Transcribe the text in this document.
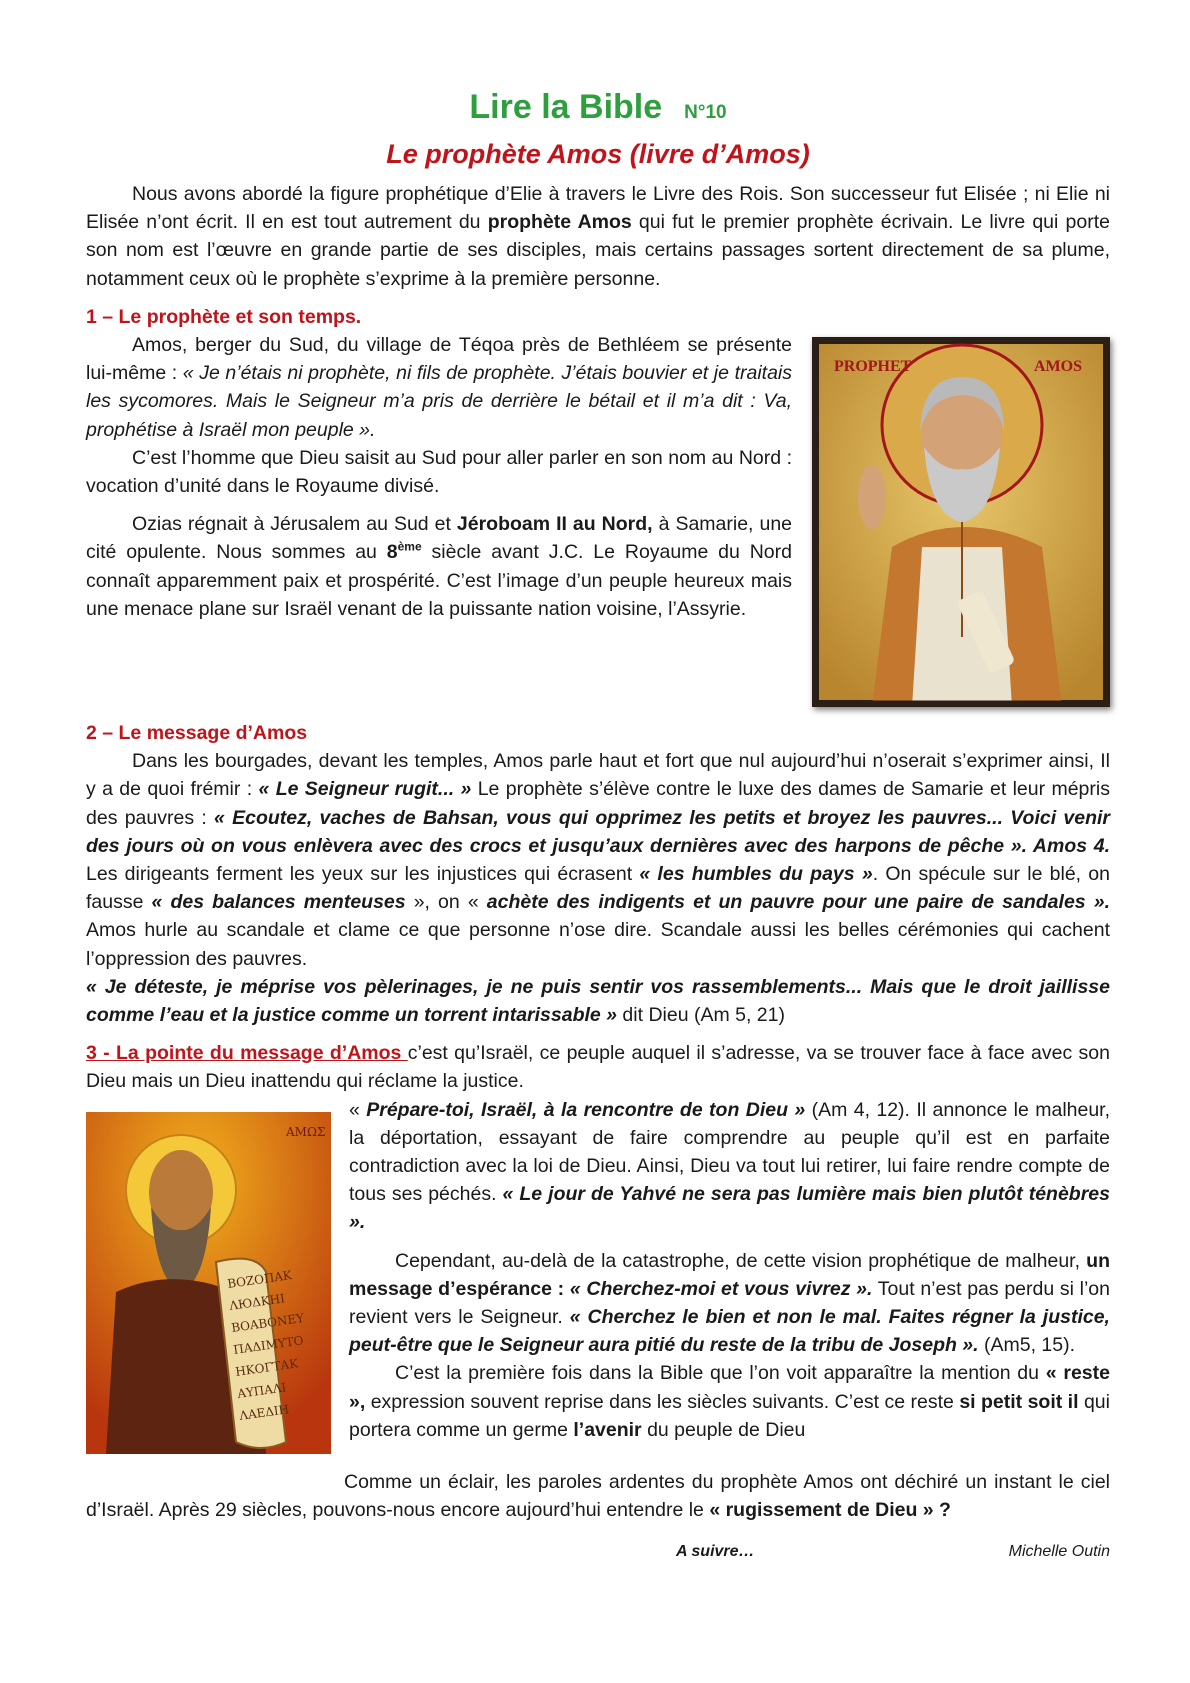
Lire la Bible N°10
Le prophète Amos (livre d’Amos)

Nous avons abordé la figure prophétique d’Elie à travers le Livre des Rois. Son successeur fut Elisée ; ni Elie ni Elisée n’ont écrit. Il en est tout autrement du prophète Amos qui fut le premier prophète écrivain. Le livre qui porte son nom est l’œuvre en grande partie de ses disciples, mais certains passages sortent directement de sa plume, notamment ceux où le prophète s’exprime à la première personne.

1 – Le prophète et son temps.
PROPHET	AMOS

Amos, berger du Sud, du village de Téqoa près de Bethléem se présente lui-même : « Je n’étais ni prophète, ni fils de prophète. J’étais bouvier et je traitais les sycomores. Mais le Seigneur m’a pris de derrière le bétail et il m’a dit : Va, prophétise à Israël mon peuple ».

C’est l’homme que Dieu saisit au Sud pour aller parler en son nom au Nord : vocation d’unité dans le Royaume divisé.

Ozias régnait à Jérusalem au Sud et Jéroboam II au Nord, à Samarie, une cité opulente. Nous sommes au 8ème siècle avant J.C. Le Royaume du Nord connaît apparemment paix et prospérité. C’est l’image d’un peuple heureux mais une menace plane sur Israël venant de la puissante nation voisine, l’Assyrie.

2 – Le message d’Amos

Dans les bourgades, devant les temples, Amos parle haut et fort que nul aujourd’hui n’oserait s’exprimer ainsi, Il y a de quoi frémir : « Le Seigneur rugit... » Le prophète s’élève contre le luxe des dames de Samarie et leur mépris des pauvres : « Ecoutez, vaches de Bahsan, vous qui opprimez les petits et broyez les pauvres... Voici venir des jours où on vous enlèvera avec des crocs et jusqu’aux dernières avec des harpons de pêche ». Amos 4. Les dirigeants ferment les yeux sur les injustices qui écrasent « les humbles du pays ». On spécule sur le blé, on fausse « des balances menteuses », on « achète des indigents et un pauvre pour une paire de sandales ». Amos hurle au scandale et clame ce que personne n’ose dire. Scandale aussi les belles cérémonies qui cachent l’oppression des pauvres.

« Je déteste, je méprise vos pèlerinages, je ne puis sentir vos rassemblements... Mais que le droit jaillisse comme l’eau et la justice comme un torrent intarissable » dit Dieu (Am 5, 21)

3 - La pointe du message d’Amos c’est qu’Israël, ce peuple auquel il s’adresse, va se trouver face à face avec son Dieu mais un Dieu inattendu qui réclame la justice.

« Prépare-toi, Israël, à la rencontre de ton Dieu »
ΒΟΖΟΠΑΚ
ΛЮΔΚΗΙ
ΒΟΑΒΟΝΕΥ
ΠΑΔΙΜΥΤΟ
ΗΚΟΓΤΑΚ
ΑΥΠΑΛΙ
ΛΑΕΔΙΗ
ΑΜΩΣ
(Am 4, 12). Il annonce le malheur, la déportation, essayant de faire comprendre au peuple qu’il est en parfaite contradiction avec la loi de Dieu. Ainsi, Dieu va tout lui retirer, lui faire rendre compte de tous ses péchés. « Le jour de Yahvé ne sera pas lumière mais bien plutôt ténèbres ».

Cependant, au-delà de la catastrophe, de cette vision prophétique de malheur, un message d’espérance : « Cherchez-moi et vous vivrez ». Tout n’est pas perdu si l’on revient vers le Seigneur. « Cherchez le bien et non le mal. Faites régner la justice, peut-être que le Seigneur aura pitié du reste de la tribu de Joseph ». (Am5, 15).

C’est la première fois dans la Bible que l’on voit apparaître la mention du « reste », expression souvent reprise dans les siècles suivants. C’est ce reste si petit soit il qui portera comme un germe l’avenir du peuple de Dieu

Comme un éclair, les paroles ardentes du prophète Amos ont déchiré un instant le ciel d’Israël. Après 29 siècles, pouvons-nous encore aujourd’hui entendre le « rugissement de Dieu » ?

A suivre…	Michelle Outin
